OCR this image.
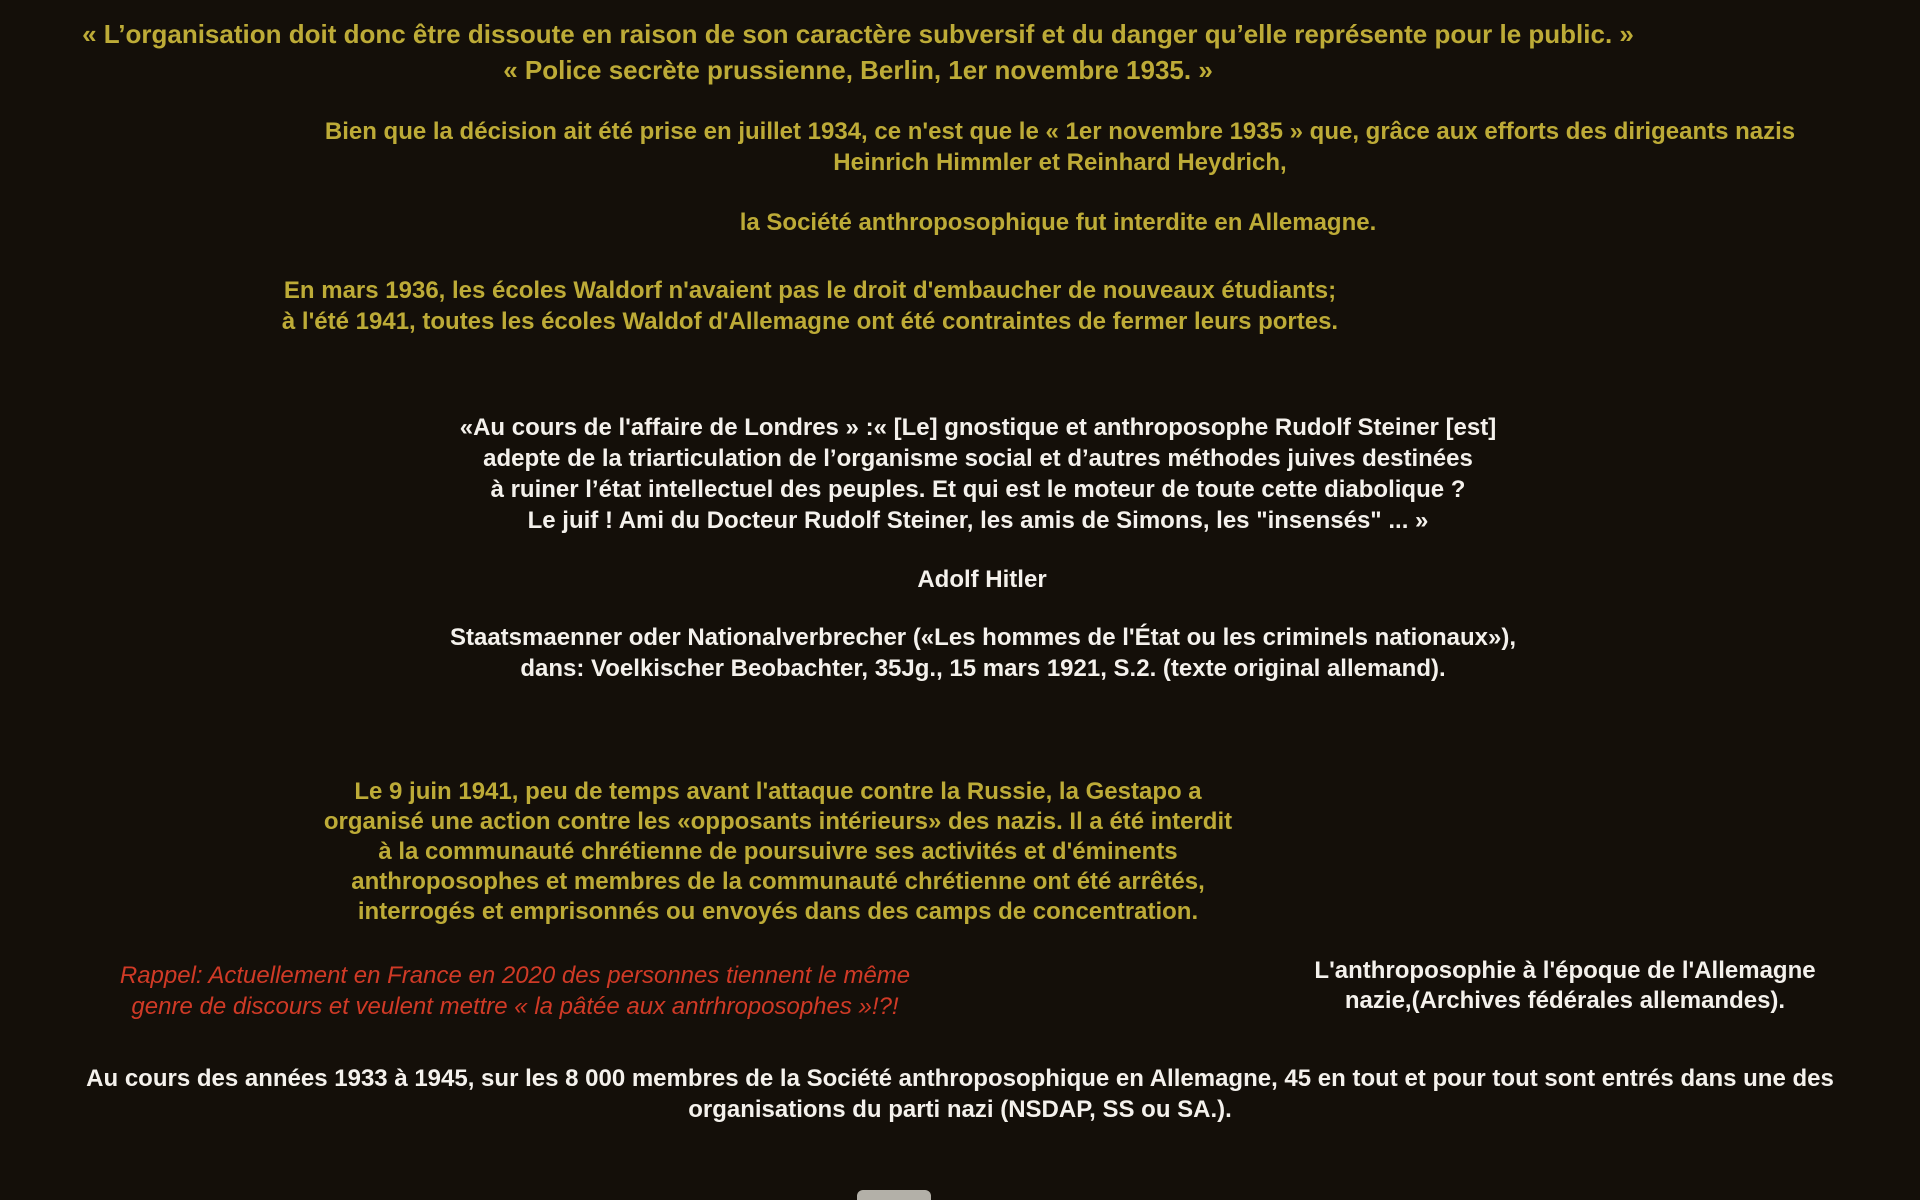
« L’organisation doit donc être dissoute en raison de son caractère subversif et du danger qu’elle représente pour le public. »
« Police secrète prussienne, Berlin, 1er novembre 1935. »
Bien que la décision ait été prise en juillet 1934, ce n'est que le « 1er novembre 1935 » que, grâce aux efforts des dirigeants nazis
Heinrich Himmler et Reinhard Heydrich,
la Société anthroposophique fut interdite en Allemagne.
En mars 1936, les écoles Waldorf n'avaient pas le droit d'embaucher de nouveaux étudiants;
à l'été 1941, toutes les écoles Waldof d'Allemagne ont été contraintes de fermer leurs portes.
«Au cours de l'affaire de Londres » :« [Le] gnostique et anthroposophe Rudolf Steiner [est]
adepte de la triarticulation de l’organisme social et d’autres méthodes juives destinées
à ruiner l’état intellectuel des peuples. Et qui est le moteur de toute cette diabolique ?
Le juif ! Ami du Docteur Rudolf Steiner, les amis de Simons, les "insensés" ... »
Adolf Hitler
Staatsmaenner oder Nationalverbrecher («Les hommes de l'État ou les criminels nationaux»),
dans: Voelkischer Beobachter, 35Jg., 15 mars 1921, S.2. (texte original allemand).
Le 9 juin 1941, peu de temps avant l'attaque contre la Russie, la Gestapo a
organisé une action contre les «opposants intérieurs» des nazis. Il a été interdit
à la communauté chrétienne de poursuivre ses activités et d'éminents
anthroposophes et membres de la communauté chrétienne ont été arrêtés,
interrogés et emprisonnés ou envoyés dans des camps de concentration.
Rappel: Actuellement en France en 2020 des personnes tiennent le même
genre de discours et veulent mettre « la pâtée aux antrhroposophes »!?!
L'anthroposophie à l'époque de l'Allemagne
nazie,(Archives fédérales allemandes).
Au cours des années 1933 à 1945, sur les 8 000 membres de la Société anthroposophique en Allemagne, 45 en tout et pour tout sont entrés dans une des
organisations du parti nazi (NSDAP, SS ou SA.).
